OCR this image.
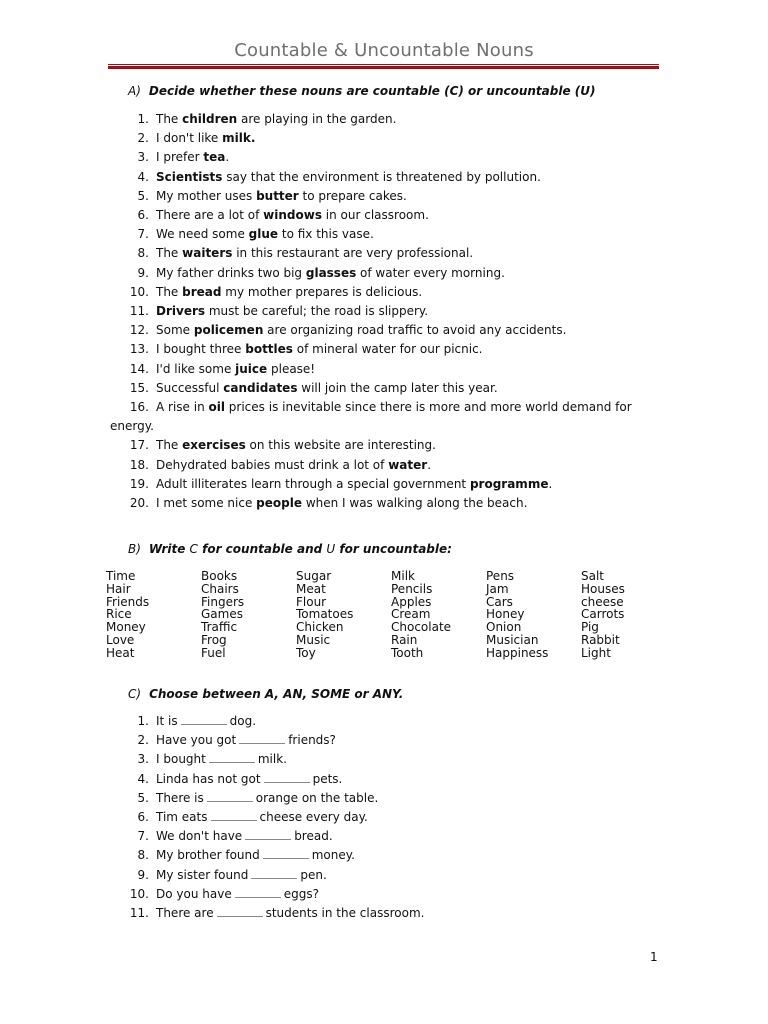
Countable & Uncountable Nouns
A) Decide whether these nouns are countable (C) or uncountable (U)
1. The children are playing in the garden.
2. I don't like milk.
3. I prefer tea.
4. Scientists say that the environment is threatened by pollution.
5. My mother uses butter to prepare cakes.
6. There are a lot of windows in our classroom.
7. We need some glue to fix this vase.
8. The waiters in this restaurant are very professional.
9. My father drinks two big glasses of water every morning.
10. The bread my mother prepares is delicious.
11. Drivers must be careful; the road is slippery.
12. Some policemen are organizing road traffic to avoid any accidents.
13. I bought three bottles of mineral water for our picnic.
14. I'd like some juice please!
15. Successful candidates will join the camp later this year.
16. A rise in oil prices is inevitable since there is more and more world demand for
energy.
17. The exercises on this website are interesting.
18. Dehydrated babies must drink a lot of water.
19. Adult illiterates learn through a special government programme.
20. I met some nice people when I was walking along the beach.
B) Write C for countable and U for uncountable:
Time	Books	Sugar	Milk	Pens	Salt
Hair	Chairs	Meat	Pencils	Jam	Houses
Friends	Fingers	Flour	Apples	Cars	cheese
Rice	Games	Tomatoes	Cream	Honey	Carrots
Money	Traffic	Chicken	Chocolate	Onion	Pig
Love	Frog	Music	Rain	Musician	Rabbit
Heat	Fuel	Toy	Tooth	Happiness	Light
C) Choose between A, AN, SOME or ANY.
1. It is	dog.
2. Have you got	friends?
3. I bought	milk.
4. Linda has not got	pets.
5. There is	orange on the table.
6. Tim eats	cheese every day.
7. We don't have	bread.
8. My brother found	money.
9. My sister found	pen.
10. Do you have	eggs?
11. There are	students in the classroom.
1
